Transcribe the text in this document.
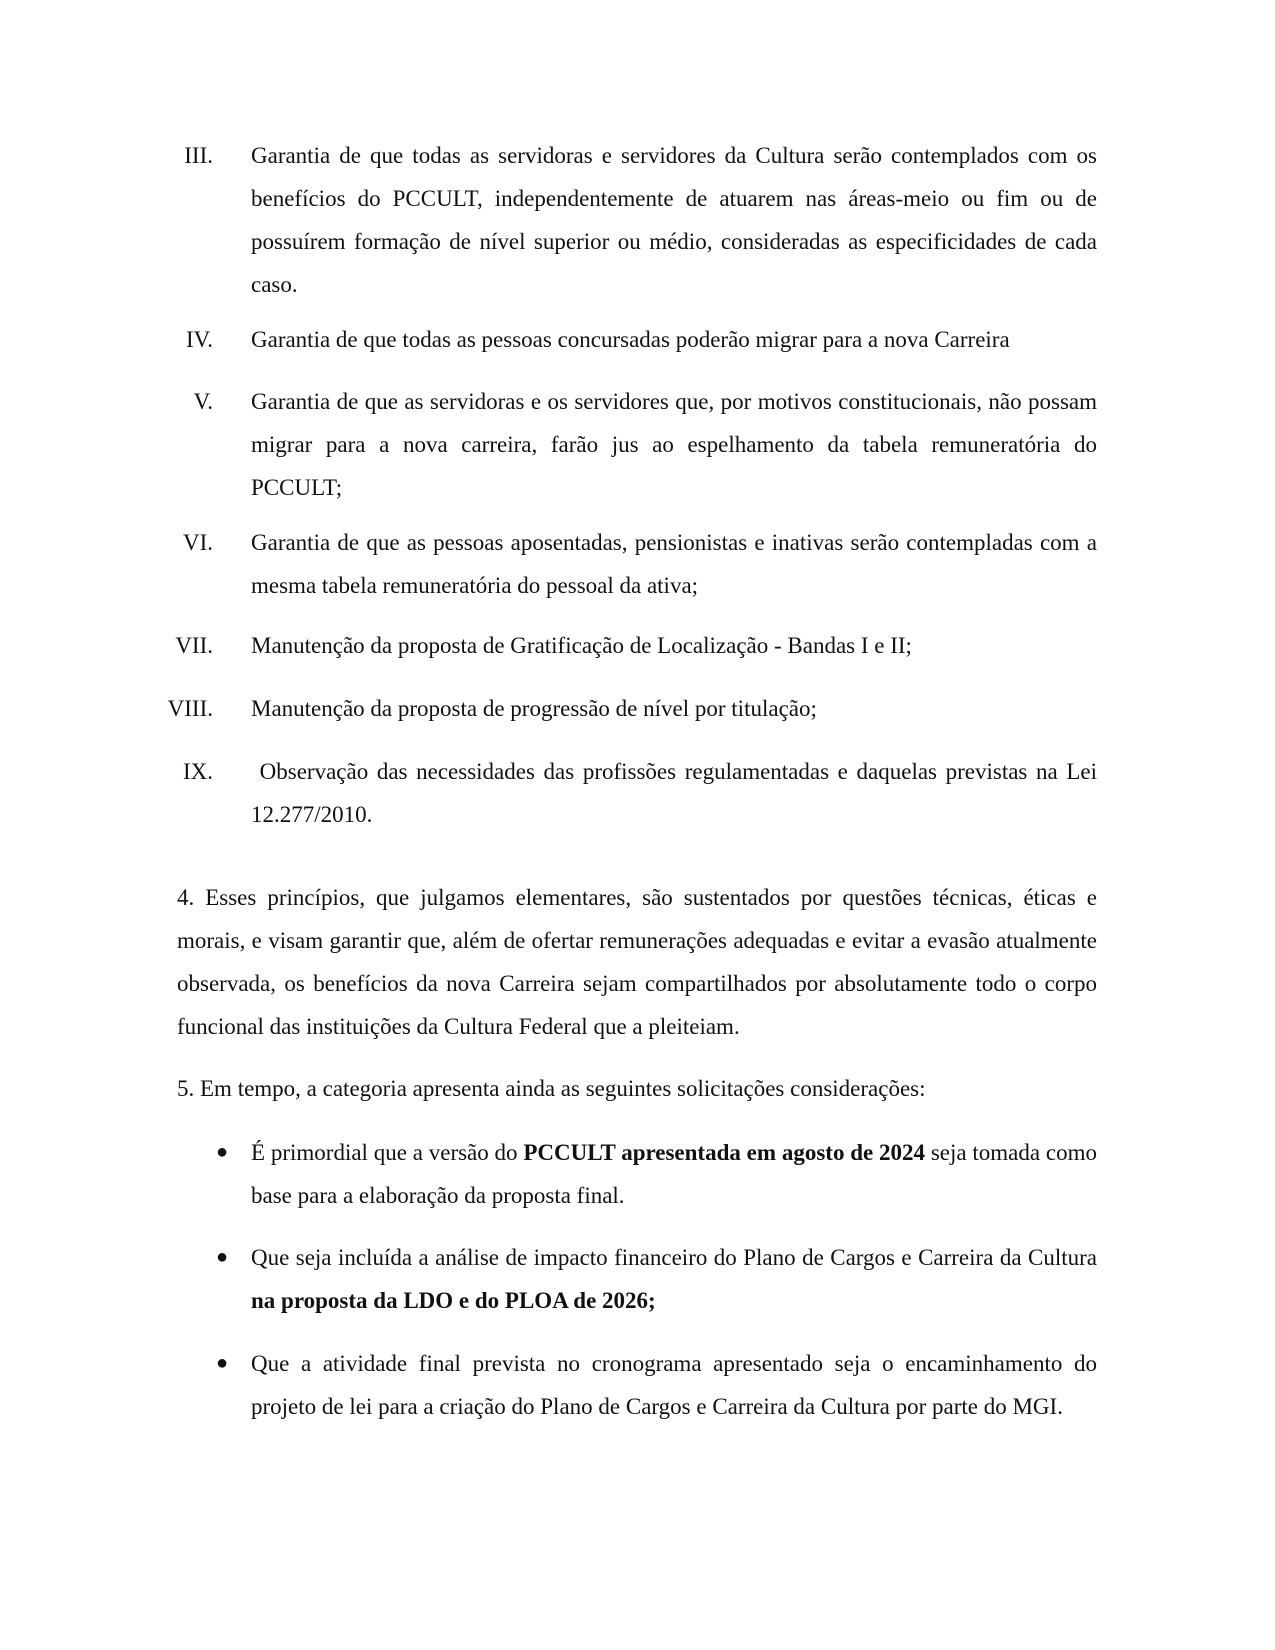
III. Garantia de que todas as servidoras e servidores da Cultura serão contemplados com os benefícios do PCCULT, independentemente de atuarem nas áreas-meio ou fim ou de possuírem formação de nível superior ou médio, consideradas as especificidades de cada caso.
IV. Garantia de que todas as pessoas concursadas poderão migrar para a nova Carreira
V. Garantia de que as servidoras e os servidores que, por motivos constitucionais, não possam migrar para a nova carreira, farão jus ao espelhamento da tabela remuneratória do PCCULT;
VI. Garantia de que as pessoas aposentadas, pensionistas e inativas serão contempladas com a mesma tabela remuneratória do pessoal da ativa;
VII. Manutenção da proposta de Gratificação de Localização - Bandas I e II;
VIII. Manutenção da proposta de progressão de nível por titulação;
IX. Observação das necessidades das profissões regulamentadas e daquelas previstas na Lei 12.277/2010.

4. Esses princípios, que julgamos elementares, são sustentados por questões técnicas, éticas e morais, e visam garantir que, além de ofertar remunerações adequadas e evitar a evasão atualmente observada, os benefícios da nova Carreira sejam compartilhados por absolutamente todo o corpo funcional das instituições da Cultura Federal que a pleiteiam.

5. Em tempo, a categoria apresenta ainda as seguintes solicitações considerações:

● É primordial que a versão do PCCULT apresentada em agosto de 2024 seja tomada como base para a elaboração da proposta final.
● Que seja incluída a análise de impacto financeiro do Plano de Cargos e Carreira da Cultura na proposta da LDO e do PLOA de 2026;
● Que a atividade final prevista no cronograma apresentado seja o encaminhamento do projeto de lei para a criação do Plano de Cargos e Carreira da Cultura por parte do MGI.
